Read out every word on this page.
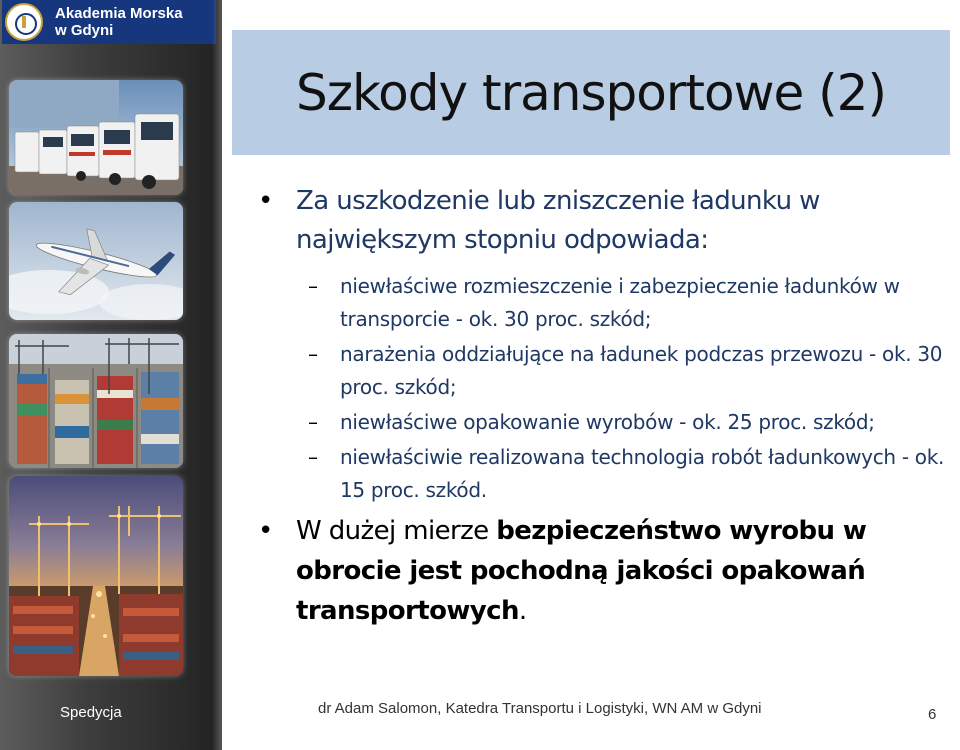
Akademia Morska
w Gdyni
Szkody transportowe (2)
• Za uszkodzenie lub zniszczenie ładunku w największym stopniu odpowiada:
– niewłaściwe rozmieszczenie i zabezpieczenie ładunków w transporcie - ok. 30 proc. szkód;
– narażenia oddziałujące na ładunek podczas przewozu - ok. 30 proc. szkód;
– niewłaściwe opakowanie wyrobów - ok. 25 proc. szkód;
– niewłaściwie realizowana technologia robót ładunkowych - ok. 15 proc. szkód.
• W dużej mierze bezpieczeństwo wyrobu w obrocie jest pochodną jakości opakowań transportowych.
Spedycja	dr Adam Salomon, Katedra Transportu i Logistyki, WN AM w Gdyni	6
